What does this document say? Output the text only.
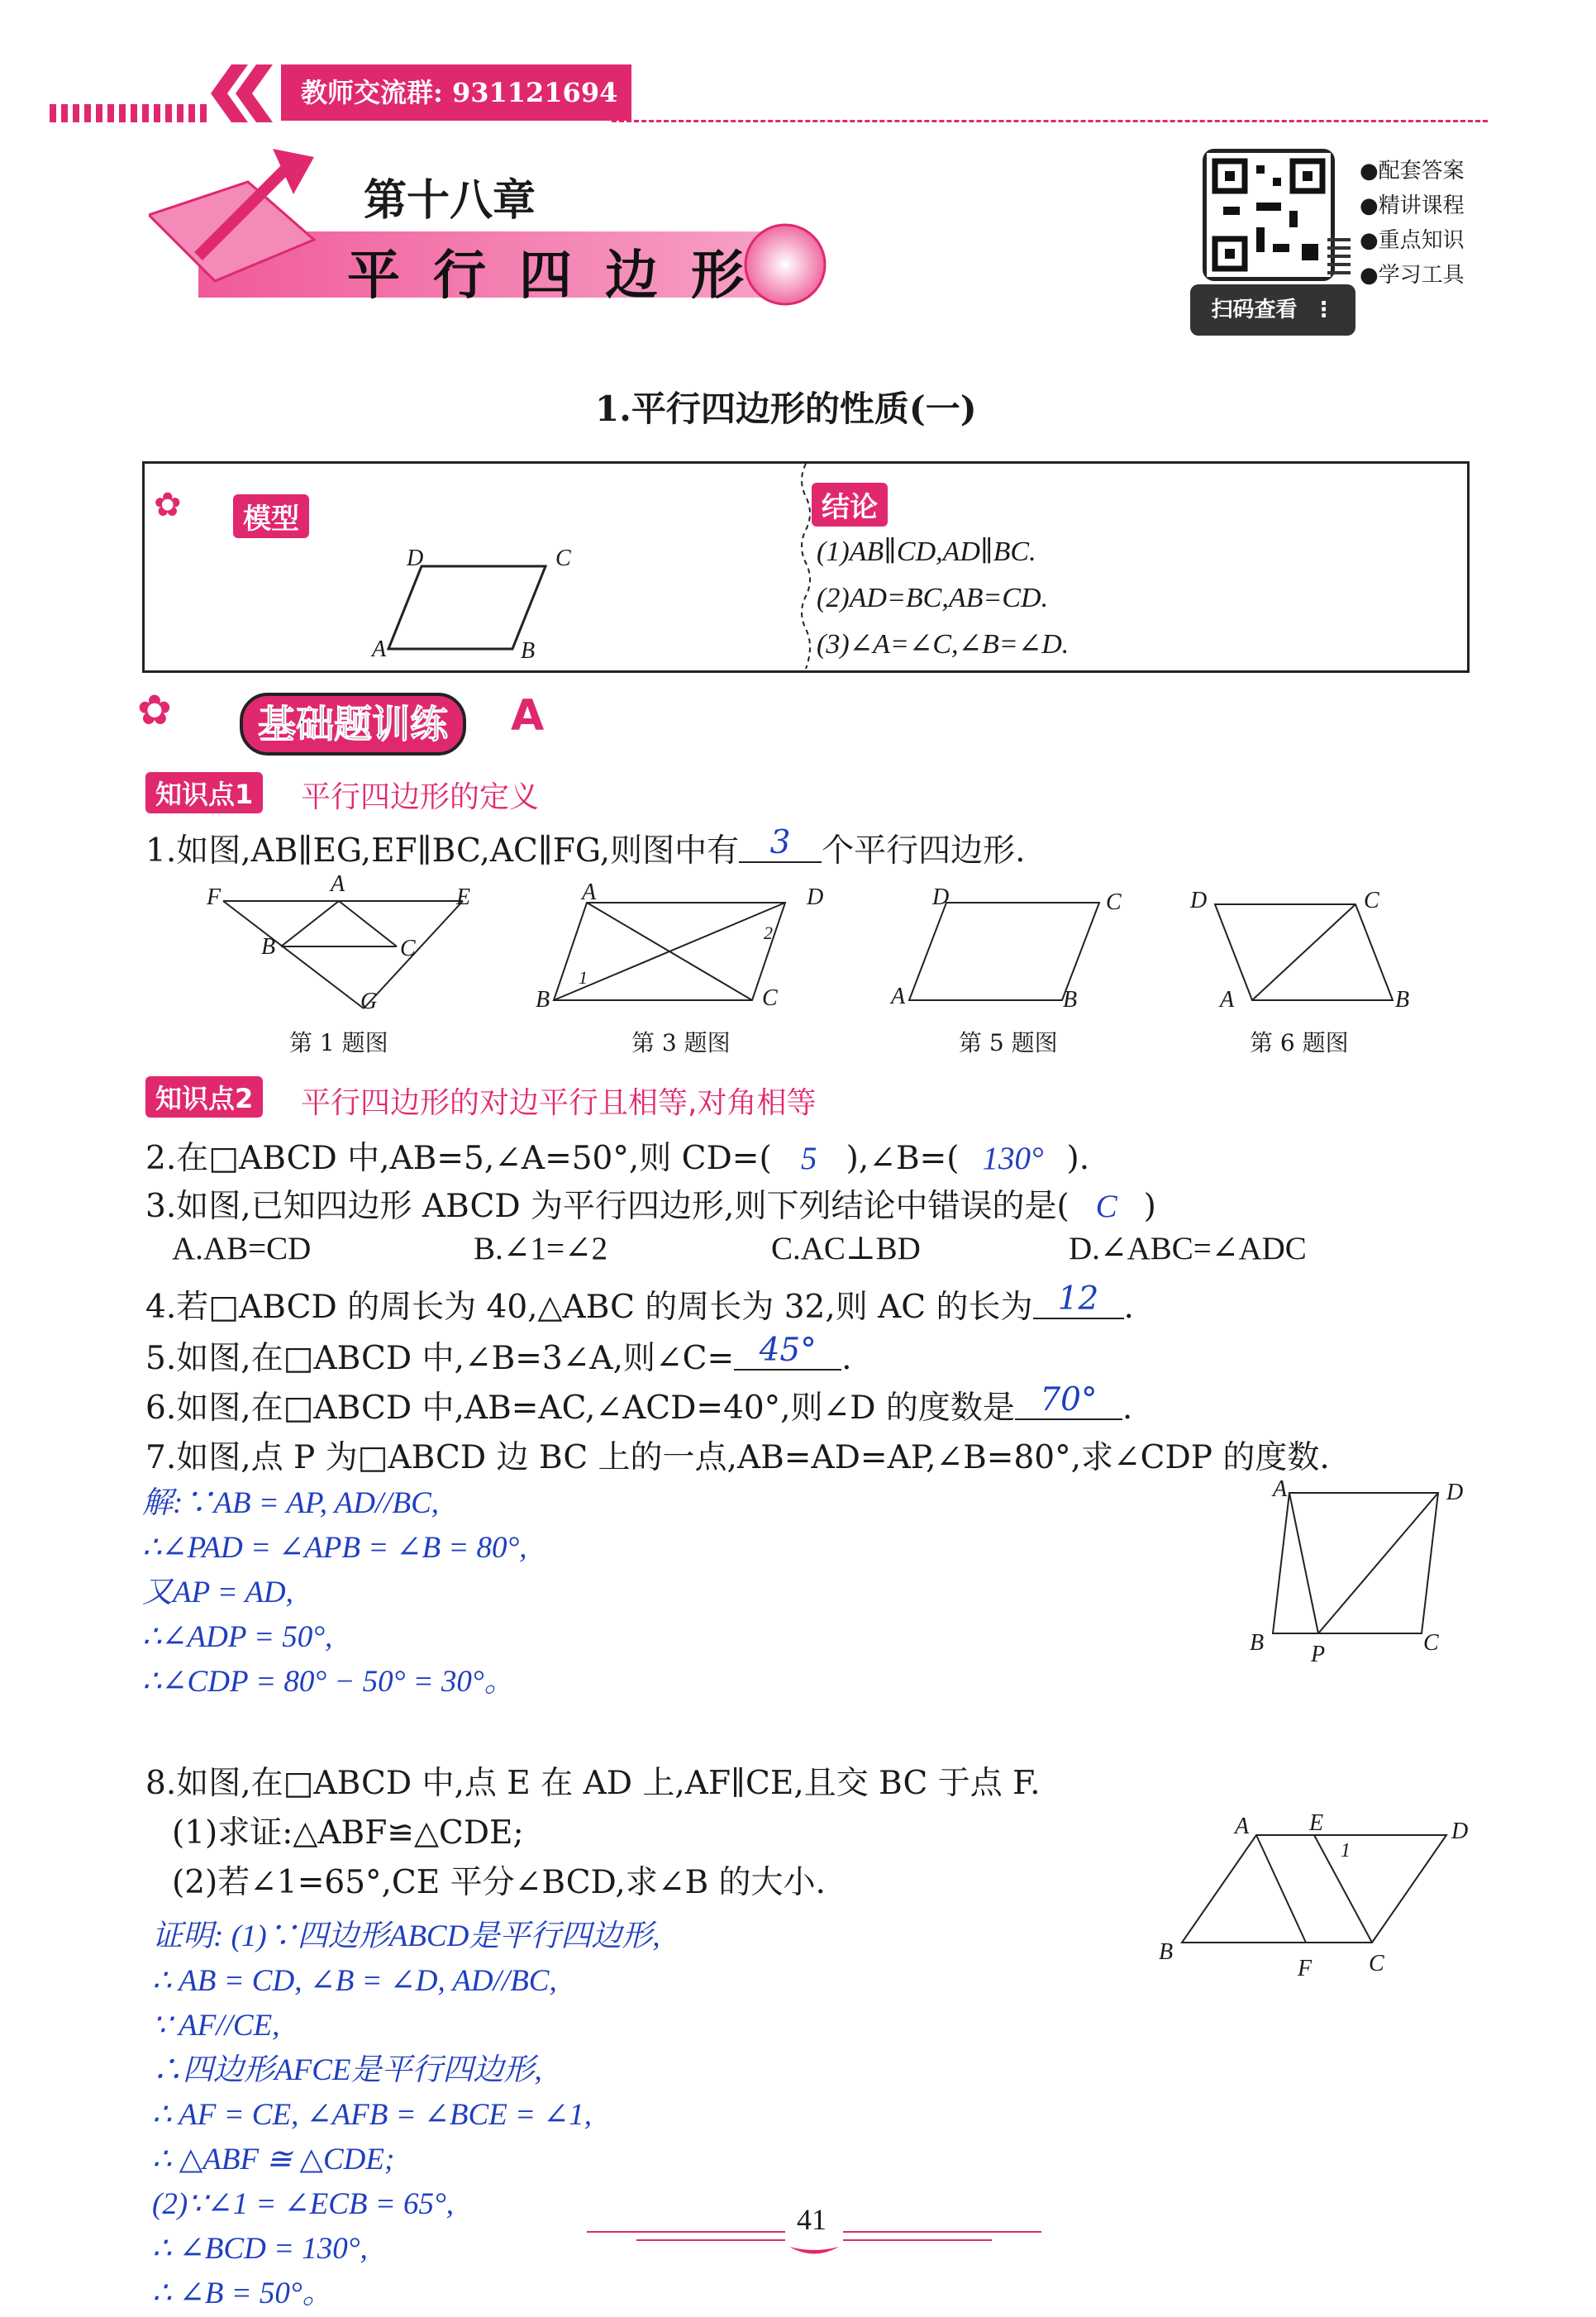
教师交流群: 931121694
第十八章
平行四边形
●配套答案
●精讲课程
●重点知识
●学习工具
扫码查看 ⋮
1.平行四边形的性质(一)
✿	模型
D	C
A	B
结论
(1)AB∥CD,AD∥BC.
(2)AD=BC,AB=CD.
(3)∠A=∠C,∠B=∠D.
✿	基础题训练	A
知识点1	平行四边形的定义
1.如图,AB∥EG,EF∥BC,AC∥FG,则图中有 3 个平行四边形.
F
A
E
B	C
G
第 1 题图
A	D
B	C
1
2
第 3 题图
D	C
A	B
第 5 题图
D	C
A	B
第 6 题图
知识点2	平行四边形的对边平行且相等,对角相等
2.在□ABCD 中,AB=5,∠A=50°,则 CD=( 5 ),∠B=( 130° ).
3.如图,已知四边形 ABCD 为平行四边形,则下列结论中错误的是( C )
A.AB=CD	B.∠1=∠2	C.AC⊥BD	D.∠ABC=∠ADC
4.若□ABCD 的周长为 40,△ABC 的周长为 32,则 AC 的长为 12 .
5.如图,在□ABCD 中,∠B=3∠A,则∠C= 45° .
6.如图,在□ABCD 中,AB=AC,∠ACD=40°,则∠D 的度数是 70° .
7.如图,点 P 为□ABCD 边 BC 上的一点,AB=AD=AP,∠B=80°,求∠CDP 的度数.
解:∵AB = AP, AD//BC,
∴∠PAD = ∠APB = ∠B = 80°,
又AP = AD,
∴∠ADP = 50°,
∴∠CDP = 80° − 50° = 30°。
A	D
B P	C
8.如图,在□ABCD 中,点 E 在 AD 上,AF∥CE,且交 BC 于点 F.
(1)求证:△ABF≌△CDE;
(2)若∠1=65°,CE 平分∠BCD,求∠B 的大小.
证明: (1)∵四边形ABCD是平行四边形,
∴ AB = CD, ∠B = ∠D, AD//BC,
∵ AF//CE,
∴四边形AFCE是平行四边形,
∴ AF = CE, ∠AFB = ∠BCE = ∠1,
∴ △ABF ≅ △CDE;
(2)∵∠1 = ∠ECB = 65°,
∴ ∠BCD = 130°,
∴ ∠B = 50°。
A	E	D
1
B
F C
41
